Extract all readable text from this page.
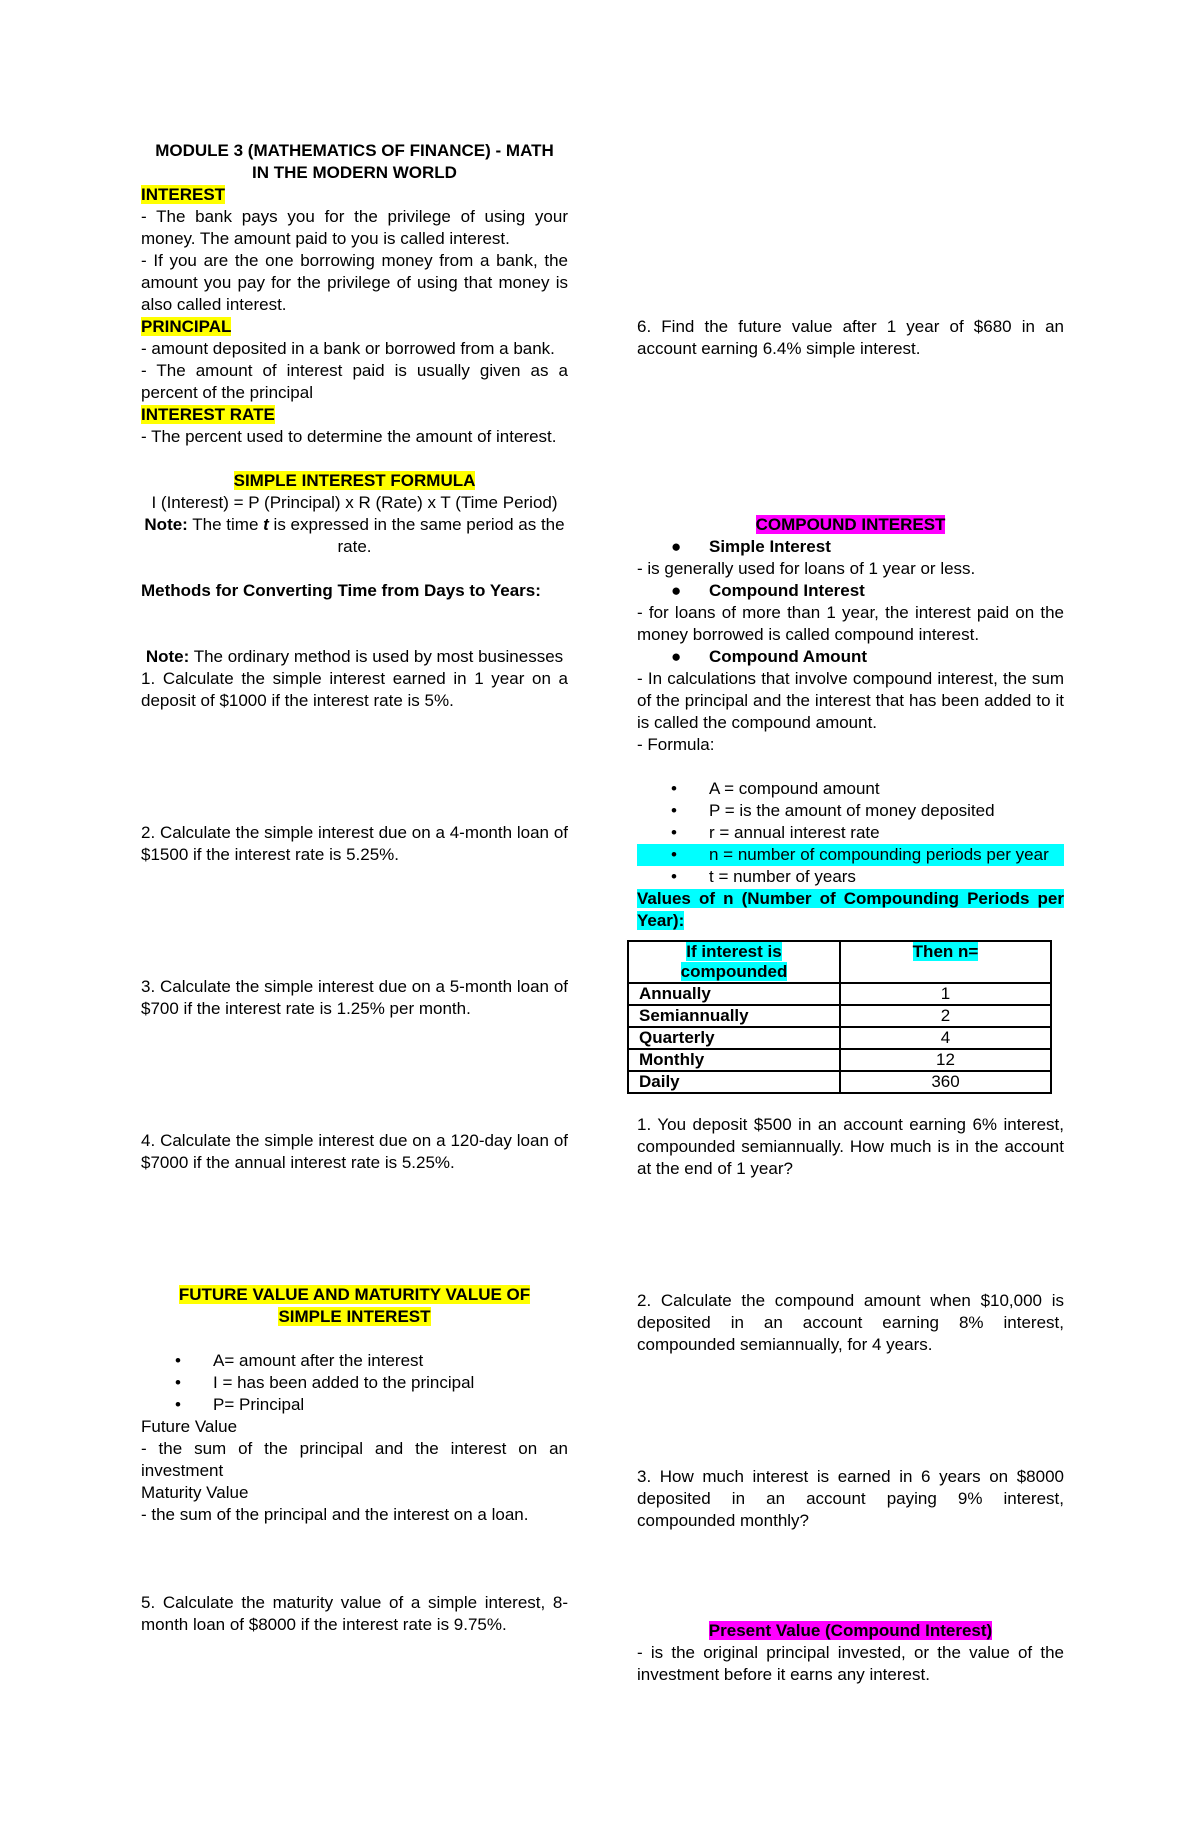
MODULE 3 (MATHEMATICS OF FINANCE) - MATH
IN THE MODERN WORLD

INTEREST

- The bank pays you for the privilege of using your money. The amount paid to you is called interest.

- If you are the one borrowing money from a bank, the amount you pay for the privilege of using that money is also called interest.

PRINCIPAL

- amount deposited in a bank or borrowed from a bank.

- The amount of interest paid is usually given as a percent of the principal

INTEREST RATE

- The percent used to determine the amount of interest.

SIMPLE INTEREST FORMULA

I (Interest) = P (Principal) x R (Rate) x T (Time Period)

Note: The time t is expressed in the same period as the rate.

Methods for Converting Time from Days to Years:

Note: The ordinary method is used by most businesses

1. Calculate the simple interest earned in 1 year on a deposit of $1000 if the interest rate is 5%.

2. Calculate the simple interest due on a 4-month loan of $1500 if the interest rate is 5.25%.

3. Calculate the simple interest due on a 5-month loan of $700 if the interest rate is 1.25% per month.

4. Calculate the simple interest due on a 120-day loan of $7000 if the annual interest rate is 5.25%.

FUTURE VALUE AND MATURITY VALUE OF
SIMPLE INTEREST

• A= amount after the interest
• I = has been added to the principal
• P= Principal

Future Value

- the sum of the principal and the interest on an investment

Maturity Value

- the sum of the principal and the interest on a loan.

5. Calculate the maturity value of a simple interest, 8-month loan of $8000 if the interest rate is 9.75%.

6. Find the future value after 1 year of $680 in an account earning 6.4% simple interest.

COMPOUND INTEREST

● Simple Interest

- is generally used for loans of 1 year or less.

● Compound Interest

- for loans of more than 1 year, the interest paid on the money borrowed is called compound interest.

● Compound Amount

- In calculations that involve compound interest, the sum of the principal and the interest that has been added to it is called the compound amount.

- Formula:

• A = compound amount
• P = is the amount of money deposited
• r = annual interest rate
• n = number of compounding periods per year
• t = number of years

Values of n (Number of Compounding Periods per Year):

If interest is compounded	Then n=
Annually	1
Semiannually	2
Quarterly	4
Monthly	12
Daily	360

1. You deposit $500 in an account earning 6% interest, compounded semiannually. How much is in the account at the end of 1 year?

2. Calculate the compound amount when $10,000 is deposited in an account earning 8% interest, compounded semiannually, for 4 years.

3. How much interest is earned in 6 years on $8000 deposited in an account paying 9% interest, compounded monthly?

Present Value (Compound Interest)

- is the original principal invested, or the value of the investment before it earns any interest.
